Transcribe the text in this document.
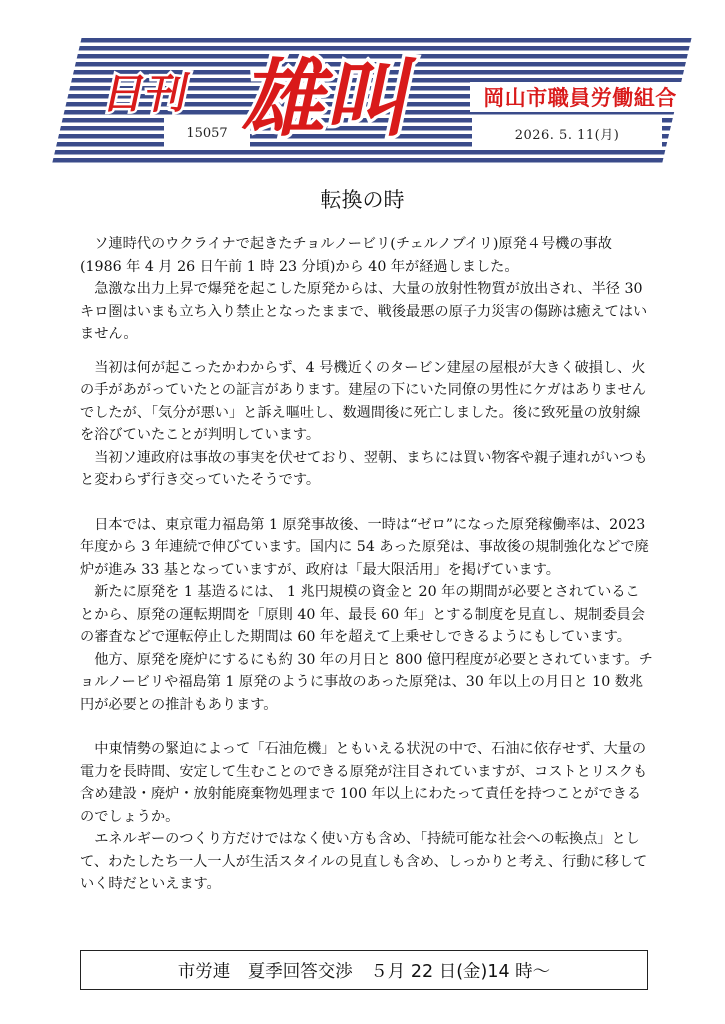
15057
岡山市職員労働組合
2026. 5. 11(月)
日刊 雄叫
転換の時

ソ連時代のウクライナで起きたチョルノービリ(チェルノブイリ)原発４号機の事故(1986 年 4 月 26 日午前 1 時 23 分頃)から 40 年が経過しました。

急激な出力上昇で爆発を起こした原発からは、大量の放射性物質が放出され、半径 30 キロ圏はいまも立ち入り禁止となったままで、戦後最悪の原子力災害の傷跡は癒えてはいません。

当初は何が起こったかわからず、4 号機近くのタービン建屋の屋根が大きく破損し、火の手があがっていたとの証言があります。建屋の下にいた同僚の男性にケガはありませんでしたが、「気分が悪い」と訴え嘔吐し、数週間後に死亡しました。後に致死量の放射線を浴びていたことが判明しています。

当初ソ連政府は事故の事実を伏せており、翌朝、まちには買い物客や親子連れがいつもと変わらず行き交っていたそうです。

日本では、東京電力福島第 1 原発事故後、一時は“ゼロ”になった原発稼働率は、2023 年度から 3 年連続で伸びています。国内に 54 あった原発は、事故後の規制強化などで廃炉が進み 33 基となっていますが、政府は「最大限活用」を掲げています。

新たに原発を 1 基造るには、 1 兆円規模の資金と 20 年の期間が必要とされていることから、原発の運転期間を「原則 40 年、最長 60 年」とする制度を見直し、規制委員会の審査などで運転停止した期間は 60 年を超えて上乗せしできるようにもしています。

他方、原発を廃炉にするにも約 30 年の月日と 800 億円程度が必要とされています。チョルノービリや福島第 1 原発のように事故のあった原発は、30 年以上の月日と 10 数兆円が必要との推計もあります。

中東情勢の緊迫によって「石油危機」ともいえる状況の中で、石油に依存せず、大量の電力を長時間、安定して生むことのできる原発が注目されていますが、コストとリスクも含め建設・廃炉・放射能廃棄物処理まで 100 年以上にわたって責任を持つことができるのでしょうか。

エネルギーのつくり方だけではなく使い方も含め、「持続可能な社会への転換点」として、わたしたち一人一人が生活スタイルの見直しも含め、しっかりと考え、行動に移していく時だといえます。

市労連　夏季回答交渉　５月 22 日(金)14 時～
